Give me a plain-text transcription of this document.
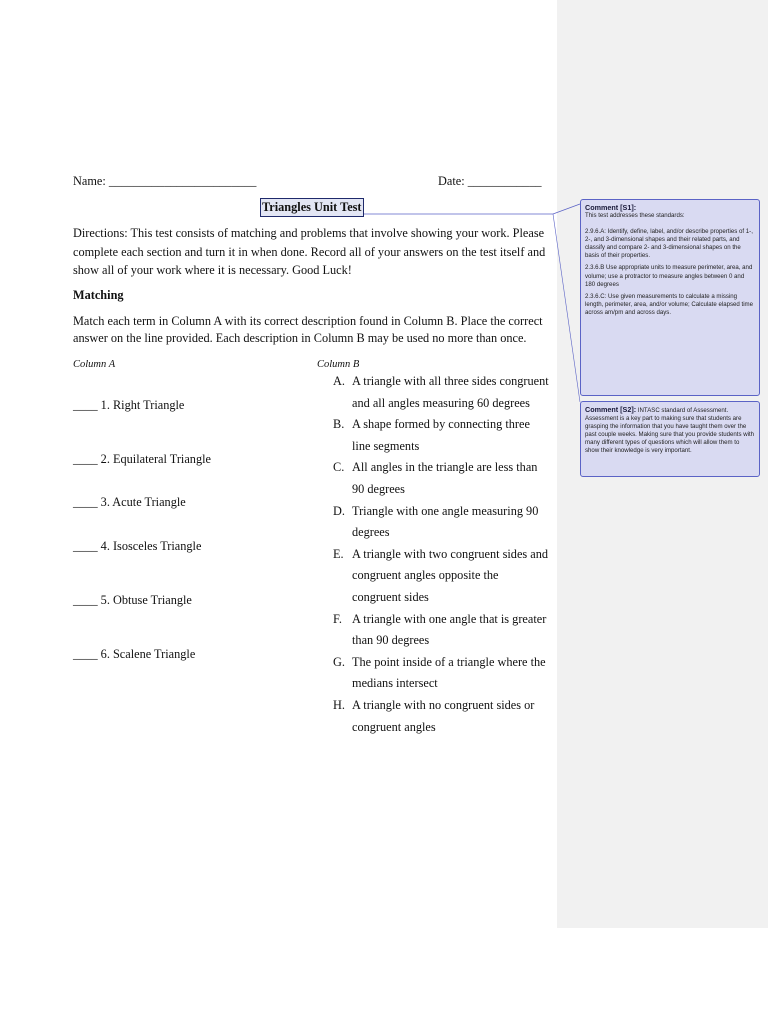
Name: ________________________	Date: ____________
Triangles Unit Test
Directions: This test consists of matching and problems that involve showing your work. Please complete each section and turn it in when done. Record all of your answers on the test itself and show all of your work where it is necessary. Good Luck!
Matching
Match each term in Column A with its correct description found in Column B. Place the correct answer on the line provided. Each description in Column B may be used no more than once.
Column A	Column B
____ 1. Right Triangle
____ 2. Equilateral Triangle
____ 3. Acute Triangle
____ 4. Isosceles Triangle
____ 5. Obtuse Triangle
____ 6. Scalene Triangle
A. A triangle with all three sides congruent and all angles measuring 60 degrees
B. A shape formed by connecting three line segments
C. All angles in the triangle are less than 90 degrees
D. Triangle with one angle measuring 90 degrees
E. A triangle with two congruent sides and congruent angles opposite the congruent sides
F. A triangle with one angle that is greater than 90 degrees
G. The point inside of a triangle where the medians intersect
H. A triangle with no congruent sides or congruent angles
Comment [S1]:

This test addresses these standards:

2.9.6.A: Identify, define, label, and/or describe properties of 1-, 2-, and 3-dimensional shapes and their related parts, and classify and compare 2- and 3-dimensional shapes on the basis of their properties.

2.3.6.B Use appropriate units to measure perimeter, area, and volume; use a protractor to measure angles between 0 and 180 degrees

2.3.6.C: Use given measurements to calculate a missing length, perimeter, area, and/or volume; Calculate elapsed time across am/pm and across days.

Comment [S2]: INTASC standard of Assessment. Assessment is a key part to making sure that students are grasping the information that you have taught them over the past couple weeks. Making sure that you provide students with many different types of questions which will allow them to show their knowledge is very important.
